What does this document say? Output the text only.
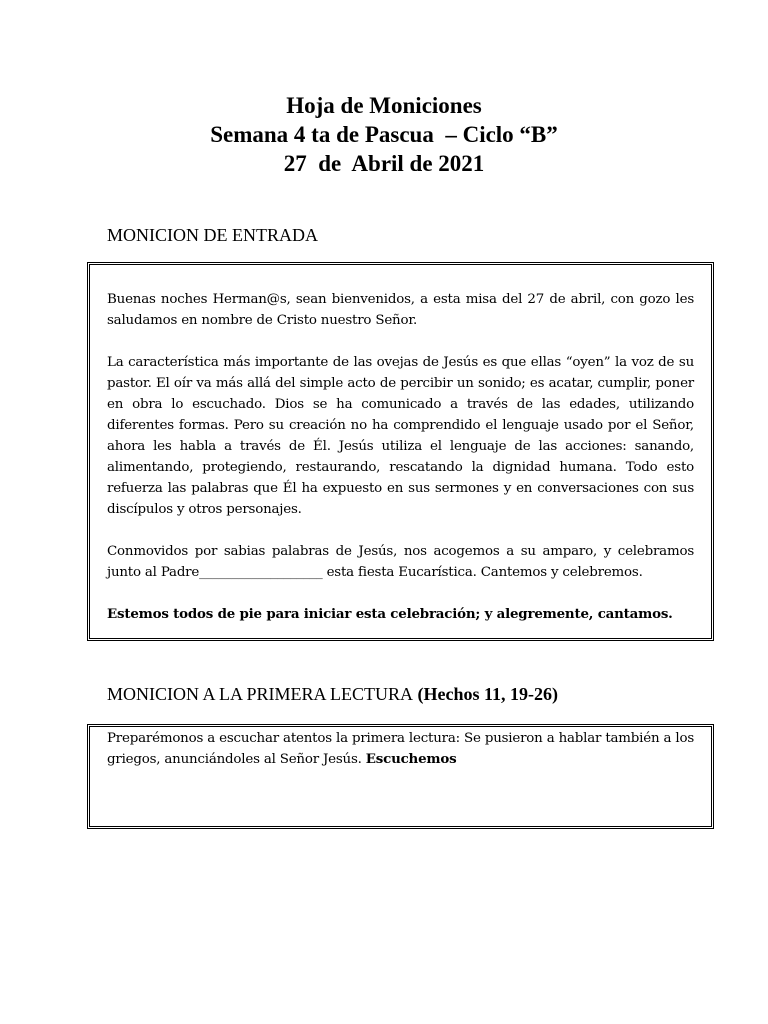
Hoja de Moniciones
Semana 4 ta de Pascua  – Ciclo “B”
27  de  Abril de 2021
MONICION DE ENTRADA

Buenas noches Herman@s, sean bienvenidos, a esta misa del 27 de abril, con gozo les saludamos en nombre de Cristo nuestro Señor.

La característica más importante de las ovejas de Jesús es que ellas “oyen” la voz de su pastor. El oír va más allá del simple acto de percibir un sonido; es acatar, cumplir, poner en obra lo escuchado. Dios se ha comunicado a través de las edades, utilizando diferentes formas. Pero su creación no ha comprendido el lenguaje usado por el Señor, ahora les habla a través de Él. Jesús utiliza el lenguaje de las acciones: sanando, alimentando, protegiendo, restaurando, rescatando la dignidad humana. Todo esto refuerza las palabras que Él ha expuesto en sus sermones y en conversaciones con sus discípulos y otros personajes.

Conmovidos por sabias palabras de Jesús, nos acogemos a su amparo, y celebramos junto al Padre___________________ esta fiesta Eucarística. Cantemos y celebremos.

Estemos todos de pie para iniciar esta celebración; y alegremente, cantamos.

MONICION A LA PRIMERA LECTURA (Hechos 11, 19-26)

Preparémonos a escuchar atentos la primera lectura: Se pusieron a hablar también a los griegos, anunciándoles al Señor Jesús. Escuchemos
